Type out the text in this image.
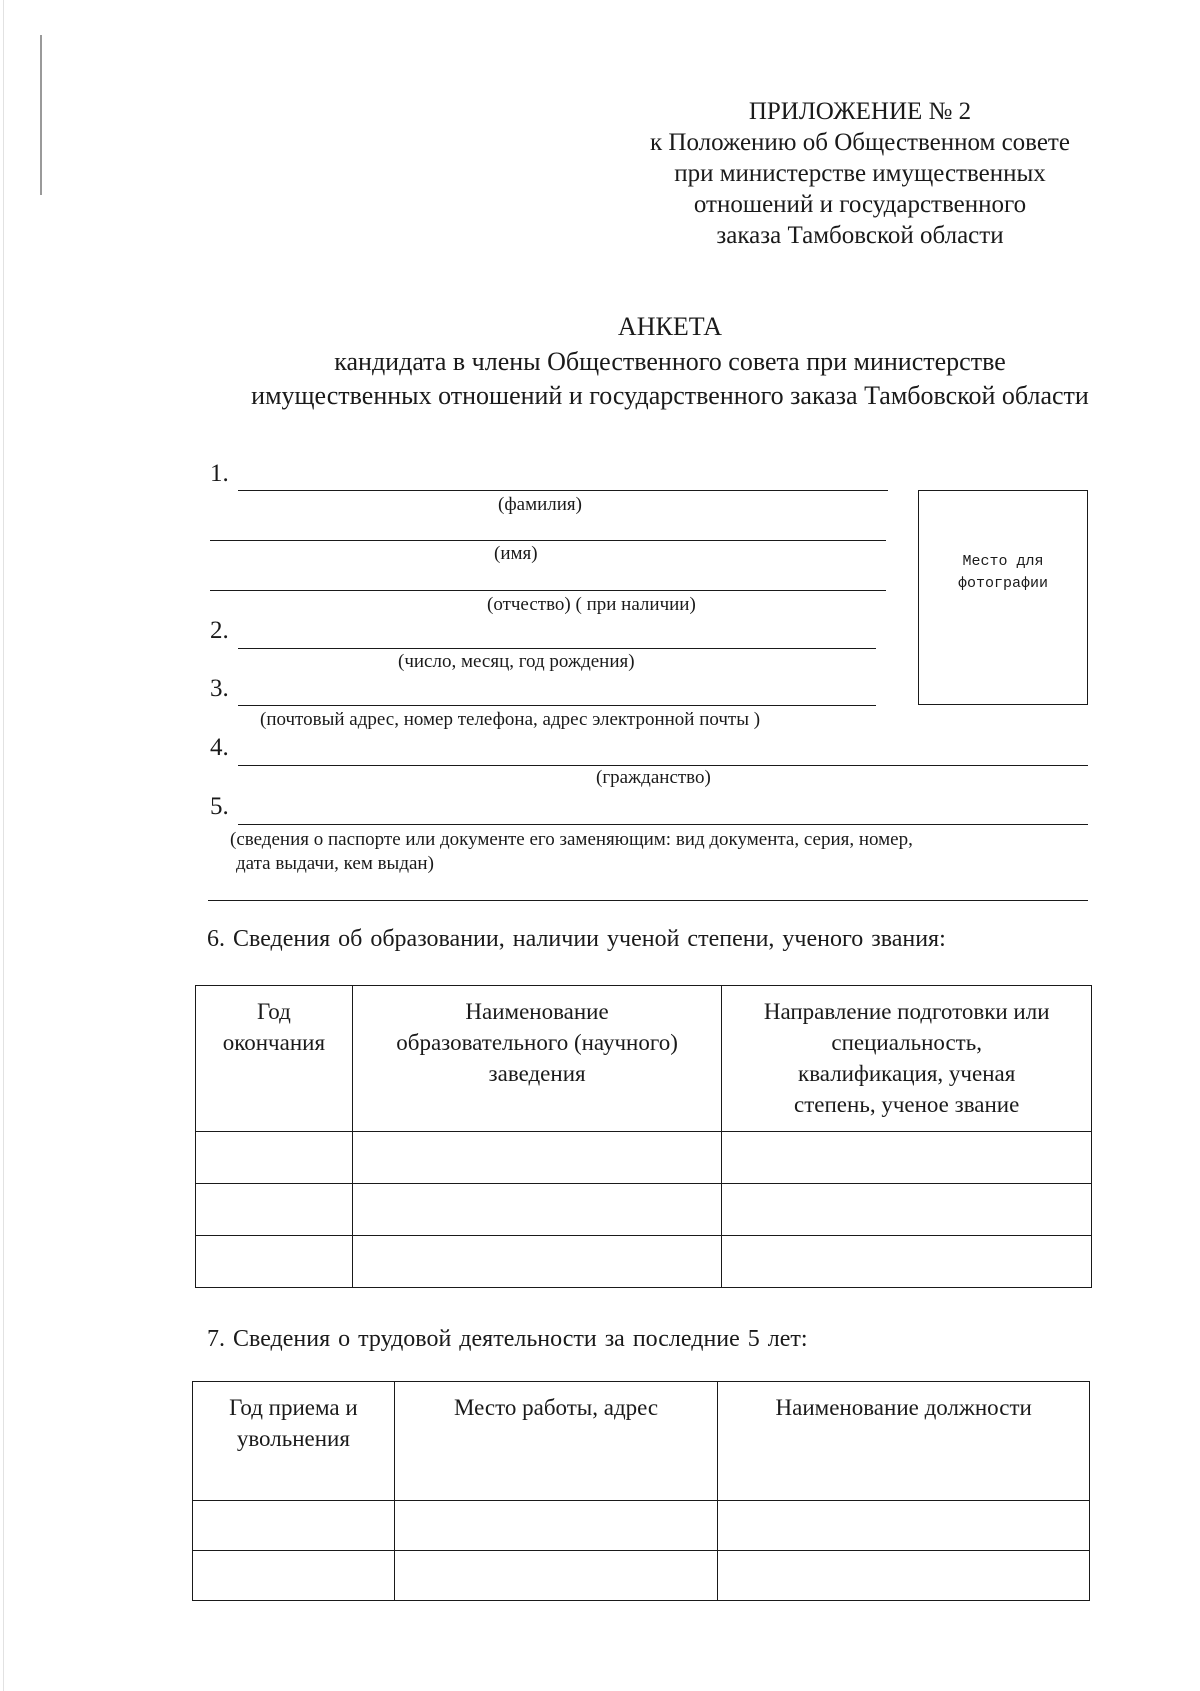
ПРИЛОЖЕНИЕ № 2
к Положению об Общественном совете
при министерстве имущественных
отношений и государственного
заказа Тамбовской области
АНКЕТА
кандидата в члены Общественного совета при министерстве
имущественных отношений и государственного заказа Тамбовской области
1.
(фамилия)
(имя)
(отчество) ( при наличии)
2.
(число, месяц, год рождения)
3.
(почтовый адрес, номер телефона, адрес электронной почты )
Место для
фотографии
4.
(гражданство)
5.
(сведения о паспорте или документе его заменяющим: вид документа, серия, номер,
дата выдачи, кем выдан)
6. Сведения об образовании, наличии ученой степени, ученого звания:
Год
окончания	Наименование
образовательного (научного)
заведения	Направление подготовки или
специальность,
квалификация, ученая
степень, ученое звание

7. Сведения о трудовой деятельности за последние 5 лет:
Год приема и
увольнения	Место работы, адрес	Наименование должности
